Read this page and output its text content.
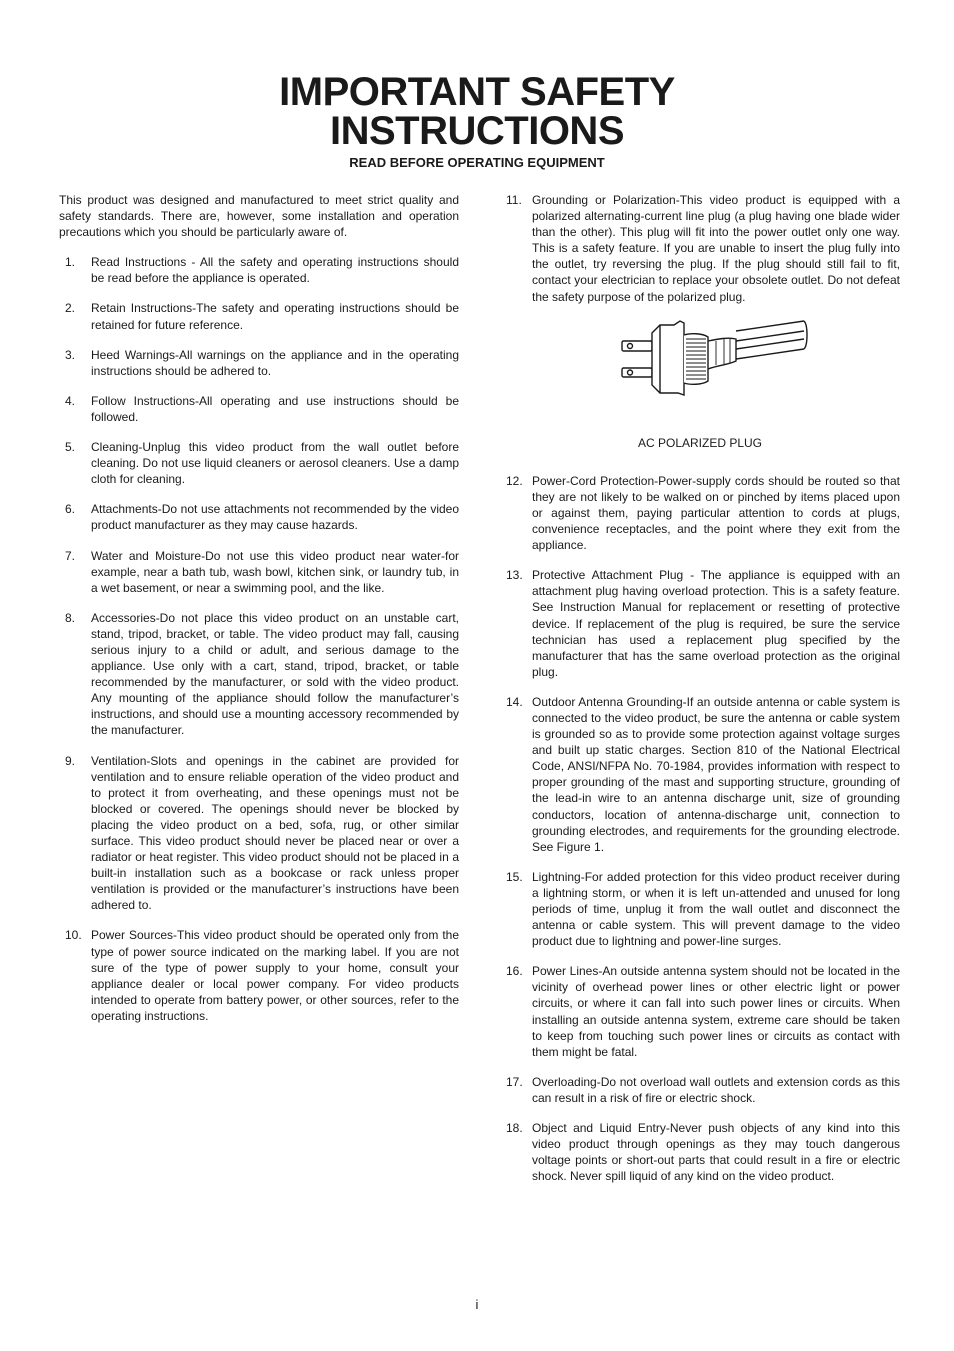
IMPORTANT SAFETY
INSTRUCTIONS
READ BEFORE OPERATING EQUIPMENT

This product was designed and manufactured to meet strict quality and safety standards. There are, however, some installation and operation precautions which you should be particularly aware of.

1.	Read Instructions - All the safety and operating instructions should be read before the appliance is operated.
2.	Retain Instructions-The safety and operating instructions should be retained for future reference.
3.	Heed Warnings-All warnings on the appliance and in the operating instructions should be adhered to.
4.	Follow Instructions-All operating and use instructions should be followed.
5.	Cleaning-Unplug this video product from the wall outlet before cleaning. Do not use liquid cleaners or aerosol cleaners. Use a damp cloth for cleaning.
6.	Attachments-Do not use attachments not recommended by the video product manufacturer as they may cause hazards.
7.	Water and Moisture-Do not use this video product near water-for example, near a bath tub, wash bowl, kitchen sink, or laundry tub, in a wet basement, or near a swimming pool, and the like.
8.	Accessories-Do not place this video product on an unstable cart, stand, tripod, bracket, or table. The video product may fall, causing serious injury to a child or adult, and serious damage to the appliance. Use only with a cart, stand, tripod, bracket, or table recommended by the manufacturer, or sold with the video product. Any mounting of the appliance should follow the manufacturer’s instructions, and should use a mounting accessory recommended by the manufacturer.
9.	Ventilation-Slots and openings in the cabinet are provided for ventilation and to ensure reliable operation of the video product and to protect it from overheating, and these openings must not be blocked or covered. The openings should never be blocked by placing the video product on a bed, sofa, rug, or other similar surface. This video product should never be placed near or over a radiator or heat register. This video product should not be placed in a built-in installation such as a bookcase or rack unless proper ventilation is provided or the manufacturer’s instructions have been adhered to.
10. Power Sources-This video product should be operated only from the type of power source indicated on the marking label. If you are not sure of the type of power supply to your home, consult your appliance dealer or local power company. For video products intended to operate from battery power, or other sources, refer to the operating instructions.
11. Grounding or Polarization-This video product is equipped with a polarized alternating-current line plug (a plug having one blade wider than the other). This plug will fit into the power outlet only one way. This is a safety feature. If you are unable to insert the plug fully into the outlet, try reversing the plug. If the plug should still fail to fit, contact your electrician to replace your obsolete outlet. Do not defeat the safety purpose of the polarized plug.
AC POLARIZED PLUG
12. Power-Cord Protection-Power-supply cords should be routed so that they are not likely to be walked on or pinched by items placed upon or against them, paying particular attention to cords at plugs, convenience receptacles, and the point where they exit from the appliance.
13. Protective Attachment Plug - The appliance is equipped with an attachment plug having overload protection. This is a safety feature. See Instruction Manual for replacement or resetting of protective device. If replacement of the plug is required, be sure the service technician has used a replacement plug specified by the manufacturer that has the same overload protection as the original plug.
14. Outdoor Antenna Grounding-If an outside antenna or cable system is connected to the video product, be sure the antenna or cable system is grounded so as to provide some protection against voltage surges and built up static charges. Section 810 of the National Electrical Code, ANSI/NFPA No. 70-1984, provides information with respect to proper grounding of the mast and supporting structure, grounding of the lead-in wire to an antenna discharge unit, size of grounding conductors, location of antenna-discharge unit, connection to grounding electrodes, and requirements for the grounding electrode. See Figure 1.
15. Lightning-For added protection for this video product receiver during a lightning storm, or when it is left un-attended and unused for long periods of time, unplug it from the wall outlet and disconnect the antenna or cable system. This will prevent damage to the video product due to lightning and power-line surges.
16. Power Lines-An outside antenna system should not be located in the vicinity of overhead power lines or other electric light or power circuits, or where it can fall into such power lines or circuits. When installing an outside antenna system, extreme care should be taken to keep from touching such power lines or circuits as contact with them might be fatal.
17. Overloading-Do not overload wall outlets and extension cords as this can result in a risk of fire or electric shock.
18. Object and Liquid Entry-Never push objects of any kind into this video product through openings as they may touch dangerous voltage points or short-out parts that could result in a fire or electric shock. Never spill liquid of any kind on the video product.
i
